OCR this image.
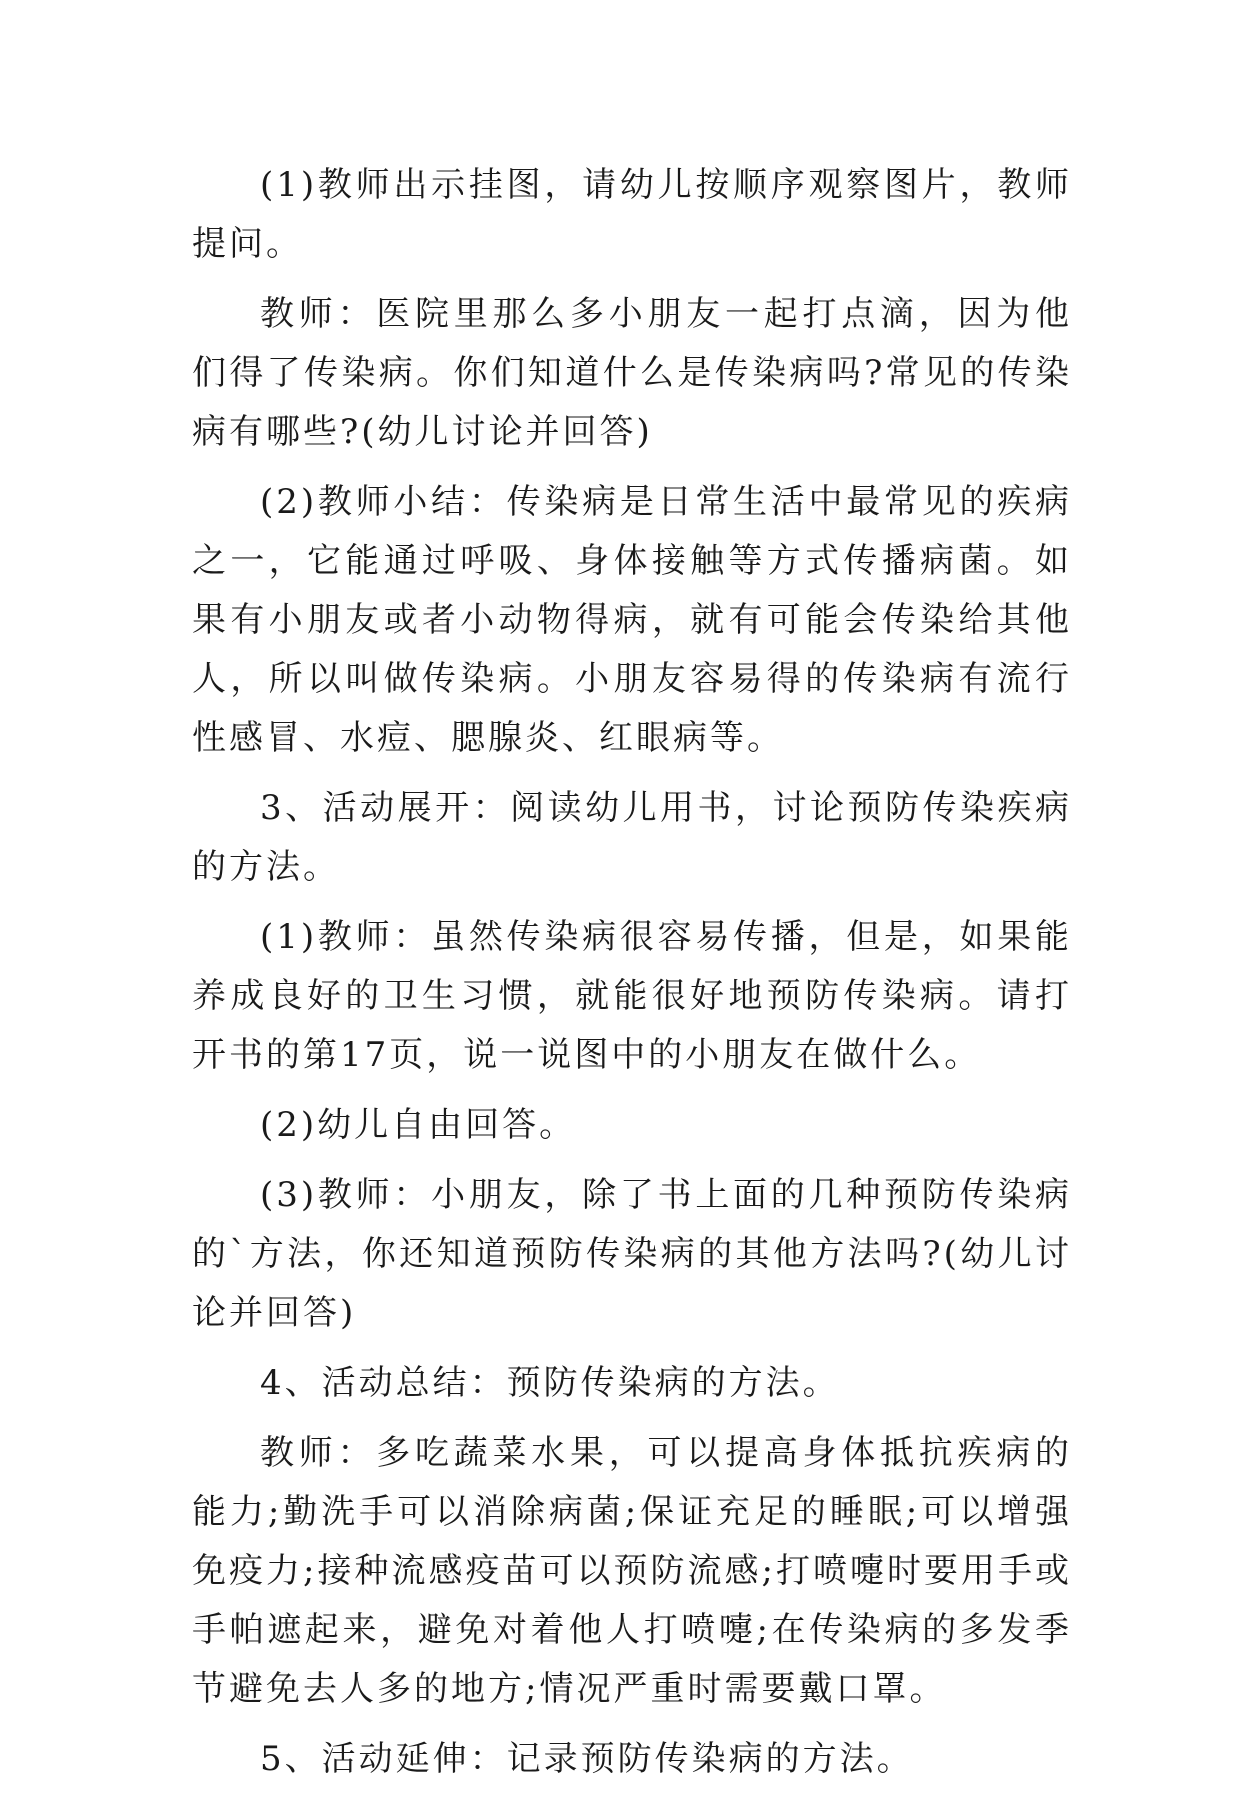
(1)教师出示挂图，请幼儿按顺序观察图片，教师提问。

教师：医院里那么多小朋友一起打点滴，因为他们得了传染病。你们知道什么是传染病吗?常见的传染病有哪些?(幼儿讨论并回答)

(2)教师小结：传染病是日常生活中最常见的疾病之一，它能通过呼吸、身体接触等方式传播病菌。如果有小朋友或者小动物得病，就有可能会传染给其他人，所以叫做传染病。小朋友容易得的传染病有流行性感冒、水痘、腮腺炎、红眼病等。

3、活动展开：阅读幼儿用书，讨论预防传染疾病的方法。

(1)教师：虽然传染病很容易传播，但是，如果能养成良好的卫生习惯，就能很好地预防传染病。请打开书的第17页，说一说图中的小朋友在做什么。

(2)幼儿自由回答。

(3)教师：小朋友，除了书上面的几种预防传染病的`方法，你还知道预防传染病的其他方法吗?(幼儿讨论并回答)

4、活动总结：预防传染病的方法。

教师：多吃蔬菜水果，可以提高身体抵抗疾病的能力;勤洗手可以消除病菌;保证充足的睡眠;可以增强免疫力;接种流感疫苗可以预防流感;打喷嚏时要用手或手帕遮起来，避免对着他人打喷嚏;在传染病的多发季节避免去人多的地方;情况严重时需要戴口罩。

5、活动延伸：记录预防传染病的方法。
